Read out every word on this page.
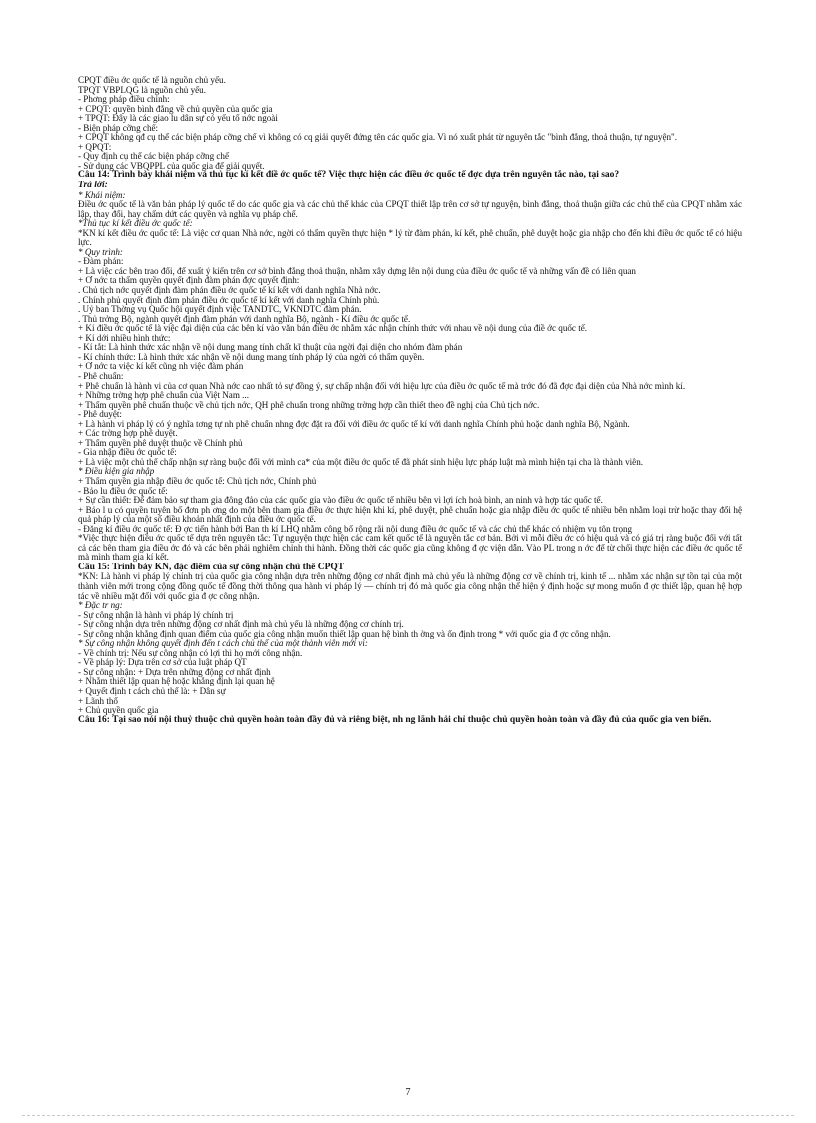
CPQT điều ớc quốc tế là nguồn chủ yếu.
TPQT VBPLQG là nguồn chủ yếu.
- Phơng pháp điều chỉnh:
+ CPQT: quyền bình đẳng về chủ quyền của quốc gia
+ TPQT: Đây là các giao lu dân sự có yếu tố nớc ngoài
- Biện pháp cỡng chế:
+ CPQT không qđ cụ thể các biện pháp cỡng chế vì không có cq giải quyết đứng tên các quốc gia. Vì nó xuất phát từ nguyên tắc "bình đẳng, thoả thuận, tự nguyện".
+ QPQT:
- Quy định cụ thể các biện pháp cỡng chế
- Sử dụng các VBQPPL của quốc gia để giải quyết.
Câu 14: Trình bày khái niệm và thủ tục kí kết điề ớc quốc tế? Việc thực hiện các điều ớc quốc tế đợc dựa trên nguyên tắc nào, tại sao?
Trả lời:
* Khái niệm:
Điều ớc quốc tế là văn bản pháp lý quốc tế do các quốc gia và các chủ thể khác của CPQT thiết lập trên cơ sở tự nguyện, bình đẳng, thoả thuận giữa các chủ thể của CPQT nhằm xác lập, thay đổi, hay chấm dứt các quyền và nghĩa vụ pháp chế.
*Thủ tục kí kết điều ớc quốc tế:
*KN kí kết điều ớc quốc tế: Là việc cơ quan Nhà nớc, ngời có thẩm quyền thực hiện * lý từ đàm phán, kí kết, phê chuẩn, phê duyệt hoặc gia nhập cho đến khi điều ớc quốc tế có hiệu lực.
* Quy trình:
- Đàm phán:
+ Là việc các bên trao đổi, để xuất ý kiến trên cơ sở bình đẳng thoả thuận, nhằm xây dựng lên nội dung của điều ớc quốc tế và những vấn đề có liên quan
+ Ở nớc ta thẩm quyền quyết định đàm phán đợc quyết định:
. Chủ tịch nớc quyết định đàm phán điều ớc quốc tế kí kết với danh nghĩa Nhà nớc.
. Chính phủ quyết định đàm phán điều ớc quốc tế kí kết với danh nghĩa Chính phủ.
. Uỷ ban Thờng vụ Quốc hội quyết định việc TANDTC, VKNDTC đàm phán.
. Thủ trởng Bộ, ngành quyết định đàm phán với danh nghĩa Bộ, ngành - Kí điều ớc quốc tế.
+ Kí điều ớc quốc tế là việc đại diện của các bên kí vào văn bản điều ớc nhằm xác nhận chính thức với nhau về nội dung của điề ớc quốc tế.
+ Kí dới nhiều hình thức:
- Kí tắt: Là hình thức xác nhận về nội dung mang tính chất kĩ thuật của ngời đại diện cho nhóm đàm phán
- Kí chính thức: Là hình thức xác nhận về nội dung mang tính pháp lý của ngời có thẩm quyền.
+ Ở nớc ta việc kí kết cũng nh việc đàm phán
- Phê chuẩn:
+ Phê chuẩn là hành vi của cơ quan Nhà nớc cao nhất tỏ sự đồng ý, sự chấp nhận đối với hiệu lực của điều ớc quốc tế mà trớc đó đã đợc đại diện của Nhà nớc mình kí.
+ Những trờng hợp phê chuẩn của Việt Nam ...
+ Thẩm quyền phê chuẩn thuộc về chủ tịch nớc, QH phê chuẩn trong những trờng hợp cần thiết theo đề nghị của Chủ tịch nớc.
- Phê duyệt:
+ Là hành vi pháp lý có ý nghĩa tơng tự nh phê chuẩn nhng đợc đặt ra đối với điều ớc quốc tế kí với danh nghĩa Chính phủ hoặc danh nghĩa Bộ, Ngành.
+ Các trờng hợp phê duyệt.
+ Thẩm quyền phê duyệt thuộc về Chính phủ
- Gia nhập điều ớc quốc tế:
+ Là việc một chủ thể chấp nhận sự ràng buộc đối với mình ca* của một điều ớc quốc tế đã phát sinh hiệu lực pháp luật mà mình hiện tại cha là thành viên.
* Điều kiện gia nhập
+ Thẩm quyền gia nhập điều ớc quốc tế: Chủ tịch nớc, Chính phủ
- Bảo lu điều ớc quốc tế:
+ Sự cần thiết: Để đảm bảo sự tham gia đông đảo của các quốc gia vào điều ớc quốc tế nhiều bên vì lợi ích hoà bình, an ninh và hợp tác quốc tế.
+ Bảo l u có quyền tuyên bố đơn ph ơng do một bên tham gia điều ớc thực hiện khi kí, phê duyệt, phê chuẩn hoặc gia nhập điều ớc quốc tế nhiều bên nhằm loại trừ hoặc thay đổi hệ quả pháp lý của một số điều khoản nhất định của điều ớc quốc tế.
- Đăng kí điều ớc quốc tế: Đ ợc tiến hành bởi Ban th kí LHQ nhằm công bố rộng rãi nội dung điều ớc quốc tế và các chủ thể khác có nhiệm vụ tôn trọng
*Việc thực hiện điều ớc quốc tế dựa trên nguyên tắc: Tự nguyện thực hiện các cam kết quốc tế là nguyên tắc cơ bản. Bởi vì mỗi điều ớc có hiệu quả và có giá trị ràng buộc đối với tất cả các bên tham gia điều ớc đó và các bên phải nghiêm chỉnh thi hành. Đồng thời các quốc gia cũng không đ ợc viện dẫn. Vào PL trong n ớc để từ chối thực hiện các điều ớc quốc tế mà mình tham gia kí kết.
Câu 15: Trình bày KN, đặc điểm của sự công nhận chủ thể CPQT
*KN: Là hành vi pháp lý chính trị của quốc gia công nhận dựa trên những động cơ nhất định mà chủ yếu là những động cơ về chính trị, kinh tế ... nhằm xác nhận sự tồn tại của một thành viên mới trong cộng đồng quốc tế đồng thời thông qua hành vi pháp lý — chính trị đó mà quốc gia công nhận thể hiện ý định hoặc sự mong muốn đ ợc thiết lập, quan hệ hợp tác về nhiều mặt đối với quốc gia đ ợc công nhận.
* Đặc tr ng:
- Sự công nhận là hành vi pháp lý chính trị
- Sự công nhận dựa trên những động cơ nhất định mà chủ yếu là những động cơ chính trị.
- Sự công nhận khẳng định quan điểm của quốc gia công nhận muốn thiết lập quan hệ bình th ờng và ổn định trong * với quốc gia đ ợc công nhận.
* Sự công nhận không quyết định đến t cách chủ thể của một thành viên mới vì:
- Về chính trị: Nếu sự công nhận có lợi thì họ mới công nhận.
- Về pháp lý: Dựa trên cơ sở của luật pháp QT
- Sự công nhận: + Dựa trên những động cơ nhất định
+ Nhằm thiết lập quan hệ hoặc khẳng định lại quan hệ
+ Quyết định t cách chủ thể là: + Dân sự
+ Lãnh thổ
+ Chủ quyền quốc gia
Câu 16: Tại sao nói nội thuỷ thuộc chủ quyền hoàn toàn đầy đủ và riêng biệt, nh ng lãnh hải chỉ thuộc chủ quyền hoàn toàn và đầy đủ của quốc gia ven biển.
7
